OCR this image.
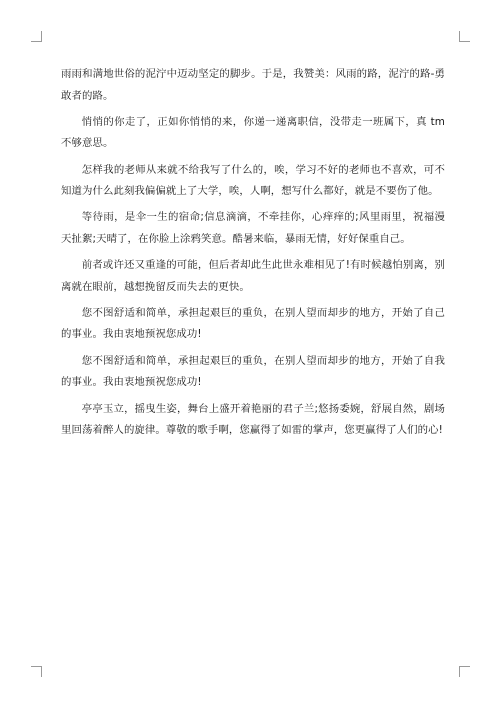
雨雨和满地世俗的泥泞中迈动坚定的脚步。于是，我赞美：风雨的路，泥泞的路-勇敢者的路。

悄悄的你走了，正如你悄悄的来，你递一递离职信，没带走一班属下，真 tm 不够意思。

怎样我的老师从来就不给我写了什么的，唉，学习不好的老师也不喜欢，可不知道为什么此刻我偏偏就上了大学，唉，人啊，想写什么都好，就是不要伤了他。

等待雨，是伞一生的宿命;信息滴滴，不牵挂你，心痒痒的;风里雨里，祝福漫天扯絮;天晴了，在你脸上涂鸦笑意。酷暑来临，暴雨无情，好好保重自己。

前者或许还又重逢的可能，但后者却此生此世永难相见了!有时候越怕别离，别离就在眼前，越想挽留反而失去的更快。

您不图舒适和简单，承担起艰巨的重负，在别人望而却步的地方，开始了自己的事业。我由衷地预祝您成功!

您不图舒适和简单，承担起艰巨的重负，在别人望而却步的地方，开始了自我的事业。我由衷地预祝您成功!

亭亭玉立，摇曳生姿，舞台上盛开着艳丽的君子兰;悠扬委婉，舒展自然，剧场里回荡着醉人的旋律。尊敬的歌手啊，您赢得了如雷的掌声，您更赢得了人们的心!
